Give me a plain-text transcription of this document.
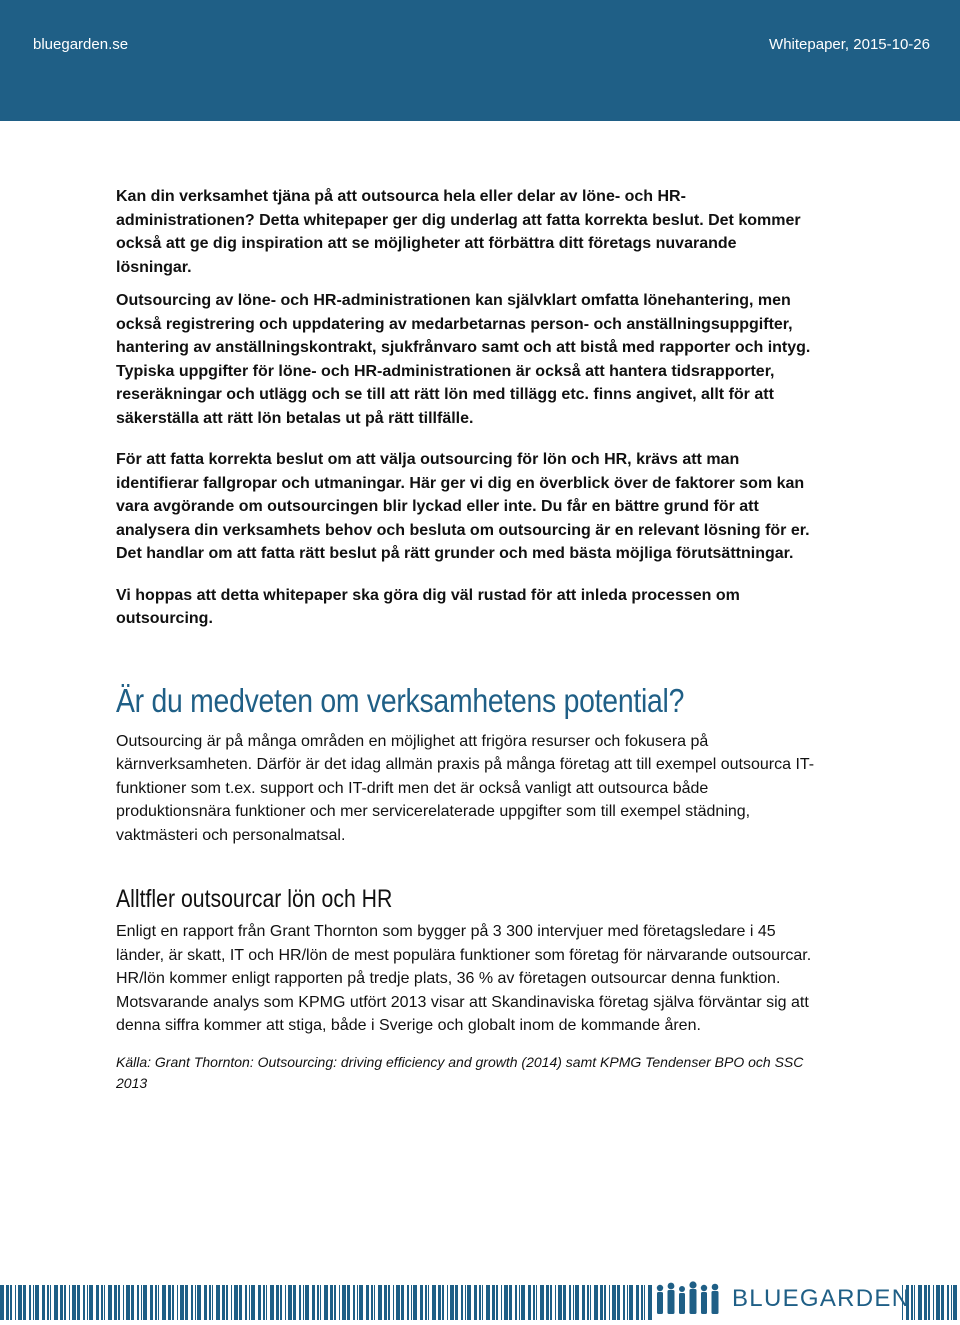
bluegarden.se	Whitepaper, 2015-10-26

Kan din verksamhet tjäna på att outsourca hela eller delar av löne- och HR-administrationen? Detta whitepaper ger dig underlag att fatta korrekta beslut. Det kommer också att ge dig inspiration att se möjligheter att förbättra ditt företags nuvarande lösningar.

Outsourcing av löne- och HR-administrationen kan självklart omfatta lönehantering, men också registrering och uppdatering av medarbetarnas person- och anställningsuppgifter, hantering av anställningskontrakt, sjukfrånvaro samt och att bistå med rapporter och intyg. Typiska uppgifter för löne- och HR-administrationen är också att hantera tidsrapporter, reseräkningar och utlägg och se till att rätt lön med tillägg etc. finns angivet, allt för att säkerställa att rätt lön betalas ut på rätt tillfälle.

För att fatta korrekta beslut om att välja outsourcing för lön och HR, krävs att man identifierar fallgropar och utmaningar. Här ger vi dig en överblick över de faktorer som kan vara avgörande om outsourcingen blir lyckad eller inte. Du får en bättre grund för att analysera din verksamhets behov och besluta om outsourcing är en relevant lösning för er. Det handlar om att fatta rätt beslut på rätt grunder och med bästa möjliga förutsättningar.

Vi hoppas att detta whitepaper ska göra dig väl rustad för att inleda processen om outsourcing.

Är du medveten om verksamhetens potential?

Outsourcing är på många områden en möjlighet att frigöra resurser och fokusera på kärnverksamheten. Därför är det idag allmän praxis på många företag att till exempel outsourca IT-funktioner som t.ex. support och IT-drift men det är också vanligt att outsourca både produktionsnära funktioner och mer servicerelaterade uppgifter som till exempel städning, vaktmästeri och personalmatsal.

Alltfler outsourcar lön och HR

Enligt en rapport från Grant Thornton som bygger på 3 300 intervjuer med företagsledare i 45 länder, är skatt, IT och HR/lön de mest populära funktioner som företag för närvarande outsourcar. HR/lön kommer enligt rapporten på tredje plats, 36 % av företagen outsourcar denna funktion. Motsvarande analys som KPMG utfört 2013 visar att Skandinaviska företag själva förväntar sig att denna siffra kommer att stiga, både i Sverige och globalt inom de kommande åren.

Källa: Grant Thornton: Outsourcing: driving efficiency and growth (2014) samt KPMG Tendenser BPO och SSC 2013

BLUEGARDEN
